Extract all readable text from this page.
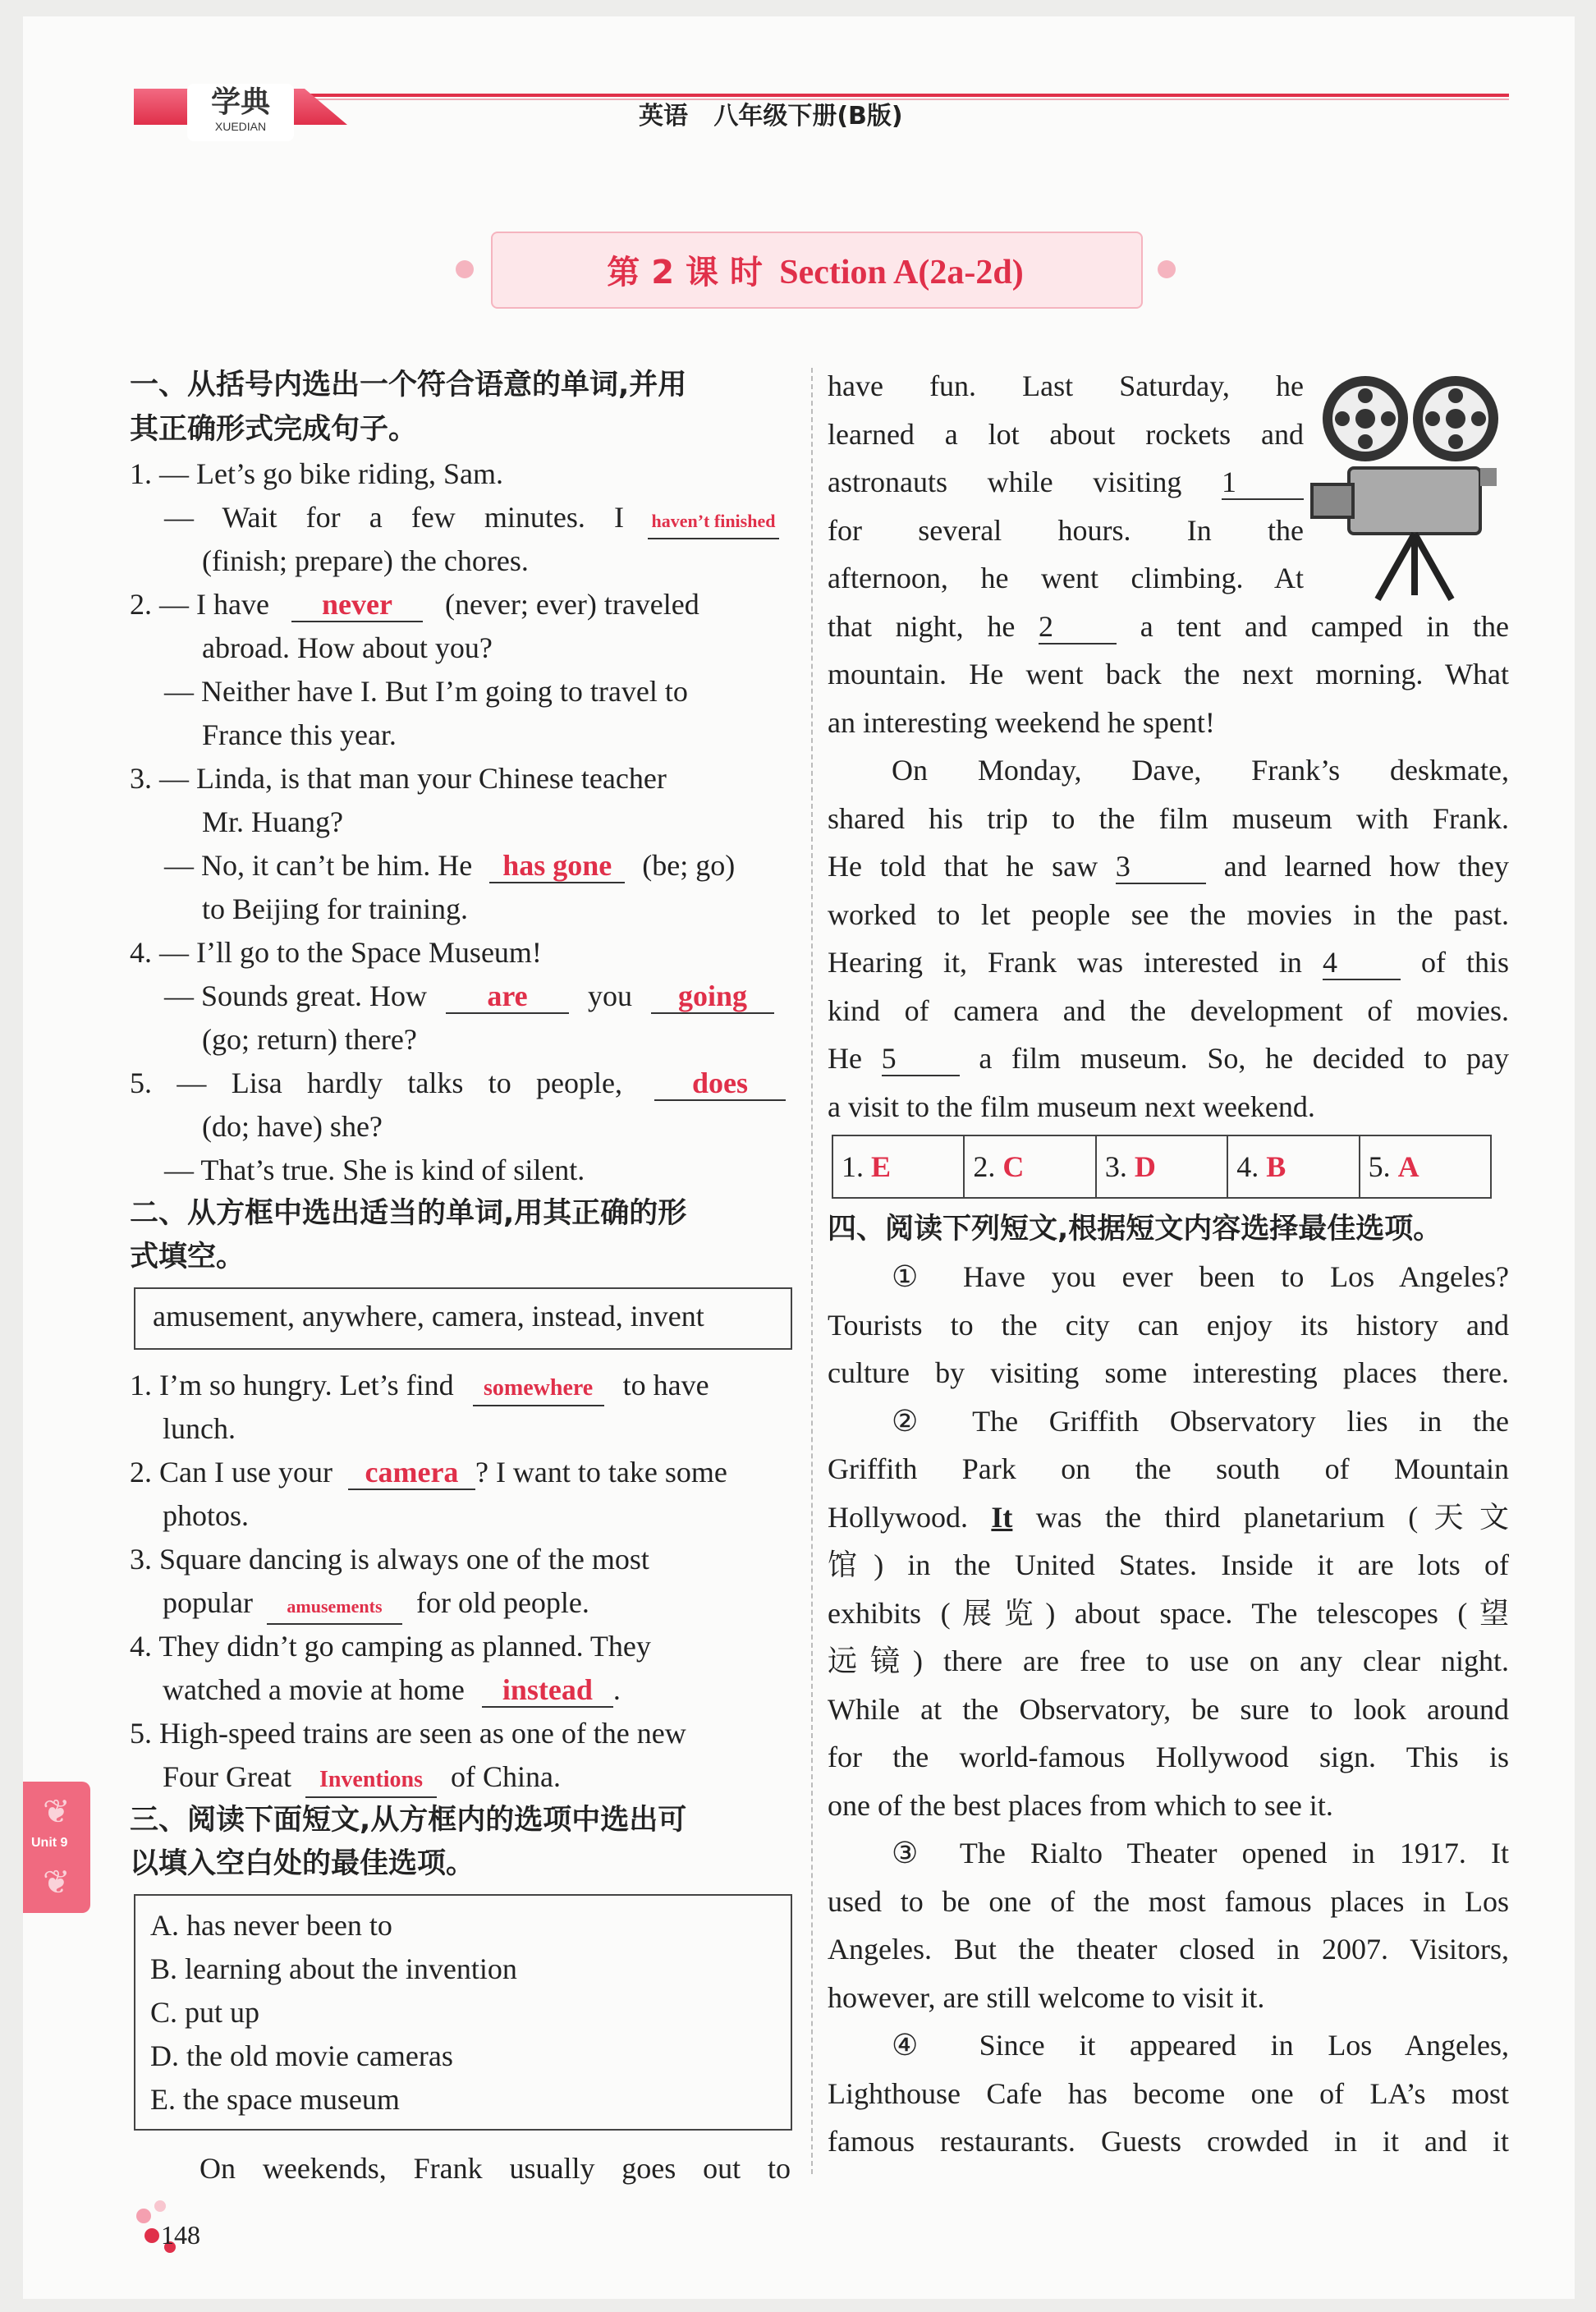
学典
XUEDIAN	英语 八年级下册(B版)
第 2 课 时 Section A(2a-2d)
一、从括号内选出一个符合语意的单词,并用
其正确形式完成句子。
1. — Let’s go bike riding, Sam.
— Wait for a few minutes. I haven’t finished
(finish; prepare) the chores.
2. — I have never (never; ever) traveled
abroad. How about you?
— Neither have I. But I’m going to travel to
France this year.
3. — Linda, is that man your Chinese teacher
Mr. Huang?
— No, it can’t be him. He has gone (be; go)
to Beijing for training.
4. — I’ll go to the Space Museum!
— Sounds great. How are you going
(go; return) there?
5. — Lisa hardly talks to people, does
(do; have) she?
— That’s true. She is kind of silent.
二、从方框中选出适当的单词,用其正确的形
式填空。
amusement, anywhere, camera, instead, invent
1. I’m so hungry. Let’s find somewhere to have
lunch.
2. Can I use your camera ? I want to take some
photos.
3. Square dancing is always one of the most
popular amusements for old people.
4. They didn’t go camping as planned. They
watched a movie at home instead .
5. High-speed trains are seen as one of the new
Four Great Inventions of China.
三、阅读下面短文,从方框内的选项中选出可
以填入空白处的最佳选项。
A. has never been to
B. learning about the invention
C. put up
D. the old movie cameras
E. the space museum
On weekends, Frank usually goes out to
have fun. Last Saturday, he
learned a lot about rockets and
astronauts while visiting 1
for several hours. In the
afternoon, he went climbing. At
that night, he 2	a tent and camped in the
mountain. He went back the next morning. What
an interesting weekend he spent!
On Monday, Dave, Frank’s deskmate,
shared his trip to the film museum with Frank.
He told that he saw 3	and learned how they
worked to let people see the movies in the past.
Hearing it, Frank was interested in 4	of this
kind of camera and the development of movies.
He 5	a film museum. So, he decided to pay
a visit to the film museum next weekend.
1. E	2. C	3. D	4. B	5. A
四、阅读下列短文,根据短文内容选择最佳选项。
① Have you ever been to Los Angeles?
Tourists to the city can enjoy its history and
culture by visiting some interesting places there.
② The Griffith Observatory lies in the
Griffith Park on the south of Mountain
Hollywood. It was the third planetarium (天文
馆) in the United States. Inside it are lots of
exhibits (展览) about space. The telescopes (望
远镜) there are free to use on any clear night.
While at the Observatory, be sure to look around
for the world-famous Hollywood sign. This is
one of the best places from which to see it.
③ The Rialto Theater opened in 1917. It
used to be one of the most famous places in Los
Angeles. But the theater closed in 2007. Visitors,
however, are still welcome to visit it.
④ Since it appeared in Los Angeles,
Lighthouse Cafe has become one of LA’s most
famous restaurants. Guests crowded in it and it
Unit 9
❦
❦
148
